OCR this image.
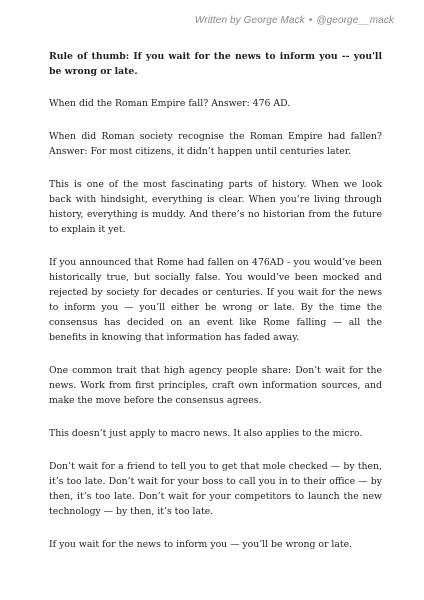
Written by George Mack • @george__mack

Rule of thumb: If you wait for the news to inform you -- you'll be wrong or late.

When did the Roman Empire fall? Answer: 476 AD.

When did Roman society recognise the Roman Empire had fallen? Answer: For most citizens, it didn’t happen until centuries later.

This is one of the most fascinating parts of history. When we look back with hindsight, everything is clear. When you’re living through history, everything is muddy. And there’s no historian from the future to explain it yet.

If you announced that Rome had fallen on 476AD - you would’ve been historically true, but socially false. You would’ve been mocked and rejected by society for decades or centuries. If you wait for the news to inform you — you’ll either be wrong or late. By the time the consensus has decided on an event like Rome falling — all the benefits in knowing that information has faded away.

One common trait that high agency people share: Don’t wait for the news. Work from first principles, craft own information sources, and make the move before the consensus agrees.

This doesn’t just apply to macro news. It also applies to the micro.

Don’t wait for a friend to tell you to get that mole checked — by then, it’s too late. Don’t wait for your boss to call you in to their office — by then, it’s too late. Don’t wait for your competitors to launch the new technology — by then, it’s too late.

If you wait for the news to inform you — you’ll be wrong or late.
